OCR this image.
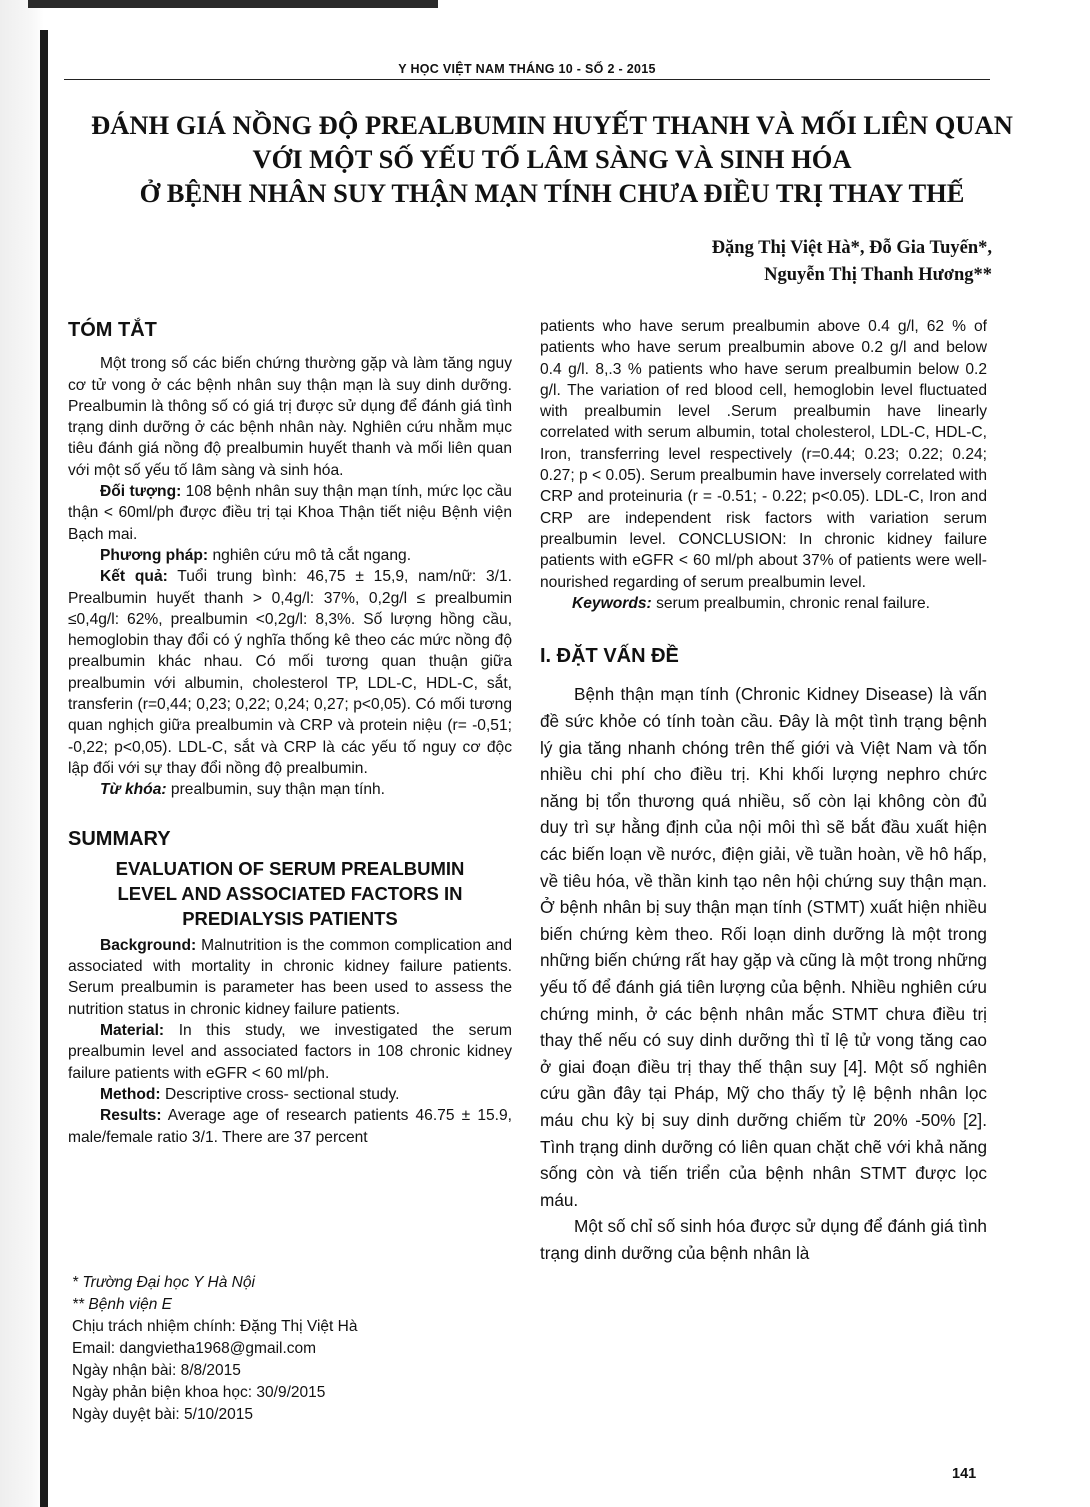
Y HỌC VIỆT NAM THÁNG 10 - SỐ 2 - 2015
ĐÁNH GIÁ NỒNG ĐỘ PREALBUMIN HUYẾT THANH VÀ MỐI LIÊN QUAN
VỚI MỘT SỐ YẾU TỐ LÂM SÀNG VÀ SINH HÓA
Ở BỆNH NHÂN SUY THẬN MẠN TÍNH CHƯA ĐIỀU TRỊ THAY THẾ
Đặng Thị Việt Hà*, Đỗ Gia Tuyến*,
Nguyễn Thị Thanh Hương**
TÓM TẮT

Một trong số các biến chứng thường gặp và làm tăng nguy cơ tử vong ở các bệnh nhân suy thận mạn là suy dinh dưỡng. Prealbumin là thông số có giá trị được sử dụng để đánh giá tình trạng dinh dưỡng ở các bệnh nhân này. Nghiên cứu nhằm mục tiêu đánh giá nồng độ prealbumin huyết thanh và mối liên quan với một số yếu tố lâm sàng và sinh hóa.

Đối tượng: 108 bệnh nhân suy thận mạn tính, mức lọc cầu thận < 60ml/ph được điều trị tại Khoa Thận tiết niệu Bệnh viện Bạch mai.

Phương pháp: nghiên cứu mô tả cắt ngang.

Kết quả: Tuổi trung bình: 46,75 ± 15,9, nam/nữ: 3/1. Prealbumin huyết thanh > 0,4g/l: 37%, 0,2g/l ≤ prealbumin ≤0,4g/l: 62%, prealbumin <0,2g/l: 8,3%. Số lượng hồng cầu, hemoglobin thay đổi có ý nghĩa thống kê theo các mức nồng độ prealbumin khác nhau. Có mối tương quan thuận giữa prealbumin với albumin, cholesterol TP, LDL-C, HDL-C, sắt, transferin (r=0,44; 0,23; 0,22; 0,24; 0,27; p<0,05). Có mối tương quan nghịch giữa prealbumin và CRP và protein niệu (r= -0,51; -0,22; p<0,05). LDL-C, sắt và CRP là các yếu tố nguy cơ độc lập đối với sự thay đổi nồng độ prealbumin.

Từ khóa: prealbumin, suy thận mạn tính.

SUMMARY
EVALUATION OF SERUM PREALBUMIN
LEVEL AND ASSOCIATED FACTORS IN
PREDIALYSIS PATIENTS

Background: Malnutrition is the common complication and associated with mortality in chronic kidney failure patients. Serum prealbumin is parameter has been used to assess the nutrition status in chronic kidney failure patients.

Material: In this study, we investigated the serum prealbumin level and associated factors in 108 chronic kidney failure patients with eGFR < 60 ml/ph.

Method: Descriptive cross- sectional study.

Results: Average age of research patients 46.75 ± 15.9, male/female ratio 3/1. There are 37 percent

* Trường Đại học Y Hà Nội
** Bệnh viện E
Chịu trách nhiệm chính: Đặng Thị Việt Hà
Email: dangvietha1968@gmail.com
Ngày nhận bài: 8/8/2015
Ngày phản biện khoa học: 30/9/2015
Ngày duyệt bài: 5/10/2015

patients who have serum prealbumin above 0.4 g/l, 62 % of patients who have serum prealbumin above 0.2 g/l and below 0.4 g/l. 8,.3 % patients who have serum prealbumin below 0.2 g/l. The variation of red blood cell, hemoglobin level fluctuated with prealbumin level .Serum prealbumin have linearly correlated with serum albumin, total cholesterol, LDL-C, HDL-C, Iron, transferring level respectively (r=0.44; 0.23; 0.22; 0.24; 0.27; p < 0.05). Serum prealbumin have inversely correlated with CRP and proteinuria (r = -0.51; - 0.22; p<0.05). LDL-C, Iron and CRP are independent risk factors with variation serum prealbumin level. CONCLUSION: In chronic kidney failure patients with eGFR < 60 ml/ph about 37% of patients were well-nourished regarding of serum prealbumin level.

Keywords: serum prealbumin, chronic renal failure.

I. ĐẶT VẤN ĐỀ

Bệnh thận mạn tính (Chronic Kidney Disease) là vấn đề sức khỏe có tính toàn cầu. Đây là một tình trạng bệnh lý gia tăng nhanh chóng trên thế giới và Việt Nam và tốn nhiều chi phí cho điều trị. Khi khối lượng nephro chức năng bị tổn thương quá nhiều, số còn lại không còn đủ duy trì sự hằng định của nội môi thì sẽ bắt đầu xuất hiện các biến loạn về nước, điện giải, về tuần hoàn, về hô hấp, về tiêu hóa, về thần kinh tạo nên hội chứng suy thận mạn. Ở bệnh nhân bị suy thận mạn tính (STMT) xuất hiện nhiều biến chứng kèm theo. Rối loạn dinh dưỡng là một trong những biến chứng rất hay gặp và cũng là một trong những yếu tố để đánh giá tiên lượng của bệnh. Nhiều nghiên cứu chứng minh, ở các bệnh nhân mắc STMT chưa điều trị thay thế nếu có suy dinh dưỡng thì tỉ lệ tử vong tăng cao ở giai đoạn điều trị thay thế thận suy [4]. Một số nghiên cứu gần đây tại Pháp, Mỹ cho thấy tỷ lệ bệnh nhân lọc máu chu kỳ bị suy dinh dưỡng chiếm từ 20% -50% [2]. Tình trạng dinh dưỡng có liên quan chặt chẽ với khả năng sống còn và tiến triển của bệnh nhân STMT được lọc máu.

Một số chỉ số sinh hóa được sử dụng để đánh giá tình trạng dinh dưỡng của bệnh nhân là

141
